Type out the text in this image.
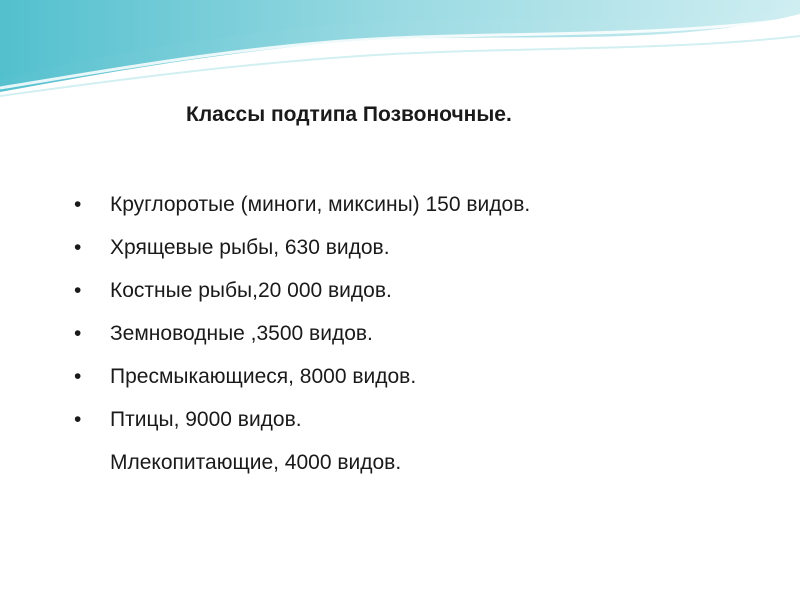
Классы подтипа Позвоночные.
• Круглоротые (миноги, миксины) 150 видов.
• Хрящевые рыбы, 630 видов.
• Костные рыбы,20 000 видов.
• Земноводные ,3500 видов.
• Пресмыкающиеся, 8000 видов.
• Птицы, 9000 видов.
Млекопитающие, 4000 видов.
